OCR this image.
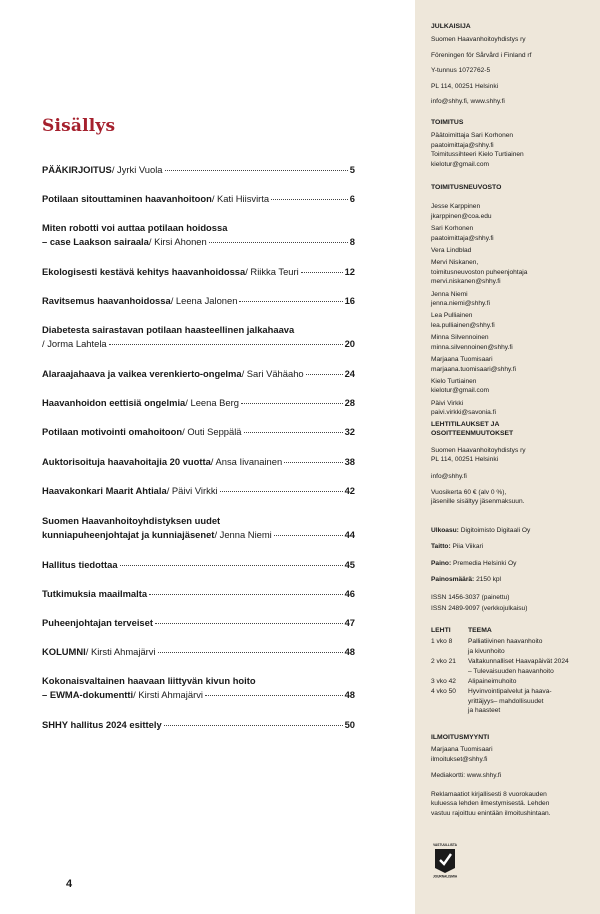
Sisällys
PÄÄKIRJOITUS / Jyrki Vuola	5
Potilaan sitouttaminen haavanhoitoon / Kati Hiisvirta	6
Miten robotti voi auttaa potilaan hoidossa
– case Laakson sairaala / Kirsi Ahonen	8
Ekologisesti kestävä kehitys haavanhoidossa / Riikka Teuri	12
Ravitsemus haavanhoidossa / Leena Jalonen	16
Diabetesta sairastavan potilaan haasteellinen jalkahaava
/ Jorma Lahtela	20
Alaraajahaava ja vaikea verenkierto-ongelma / Sari Vähäaho	24
Haavanhoidon eettisiä ongelmia / Leena Berg	28
Potilaan motivointi omahoitoon / Outi Seppälä	32
Auktorisoituja haavahoitajia 20 vuotta / Ansa Iivanainen	38
Haavakonkari Maarit Ahtiala / Päivi Virkki	42
Suomen Haavanhoitoyhdistyksen uudet
kunniapuheenjohtajat ja kunniajäsenet / Jenna Niemi	44
Hallitus tiedottaa	45
Tutkimuksia maailmalta	46
Puheenjohtajan terveiset	47
KOLUMNI / Kirsti Ahmajärvi	48
Kokonaisvaltainen haavaan liittyvän kivun hoito
– EWMA-dokumentti / Kirsti Ahmajärvi	48
SHHY hallitus 2024 esittely	50
4
JULKAISIJA
Suomen Haavanhoitoyhdistys ry
Föreningen för Sårvård i Finland rf
Y-tunnus 1072762-5
PL 114, 00251 Helsinki
info@shhy.fi, www.shhy.fi
TOIMITUS
Päätoimittaja Sari Korhonen
paatoimittaja@shhy.fi
Toimitussihteeri Kielo Turtiainen
kielotur@gmail.com
TOIMITUSNEUVOSTO
Jesse Karppinen
jkarppinen@coa.edu
Sari Korhonen
paatoimittaja@shhy.fi
Vera Lindblad
Mervi Niskanen,
toimitusneuvoston puheenjohtaja
mervi.niskanen@shhy.fi
Jenna Niemi
jenna.niemi@shhy.fi
Lea Pulliainen
lea.pulliainen@shhy.fi
Minna Silvennoinen
minna.silvennoinen@shhy.fi
Marjaana Tuomisaari
marjaana.tuomisaari@shhy.fi
Kielo Turtiainen
kielotur@gmail.com
Päivi Virkki
paivi.virkki@savonia.fi
LEHTITILAUKSET JA
OSOITTEENMUUTOKSET
Suomen Haavanhoitoyhdistys ry
PL 114, 00251 Helsinki
info@shhy.fi
Vuosikerta 60 € (alv 0 %),
jäsenille sisältyy jäsenmaksuun.
Ulkoasu: Digitoimisto Digitaali Oy
Taitto: Piia Viikari
Paino: Premedia Helsinki Oy
Painosmäärä: 2150 kpl
ISSN 1456-3037 (painettu)
ISSN 2489-9097 (verkkojulkaisu)
LEHTI	TEEMA
1 vko 8	Palliatiivinen haavanhoito
ja kivunhoito
2 vko 21	Valtakunnalliset Haavapäivät 2024
– Tulevaisuuden haavanhoito
3 vko 42	Alipaineimuhoito
4 vko 50	Hyvinvointipalvelut ja haava-
yrittäjyys– mahdollisuudet
ja haasteet
ILMOITUSMYYNTI
Marjaana Tuomisaari
ilmoitukset@shhy.fi
Mediakortti: www.shhy.fi
Reklamaatiot kirjallisesti 8 vuorokauden
kuluessa lehden ilmestymisestä. Lehden
vastuu rajoittuu enintään ilmoitushintaan.
VASTUULLISTA
JOURNALISMIA
